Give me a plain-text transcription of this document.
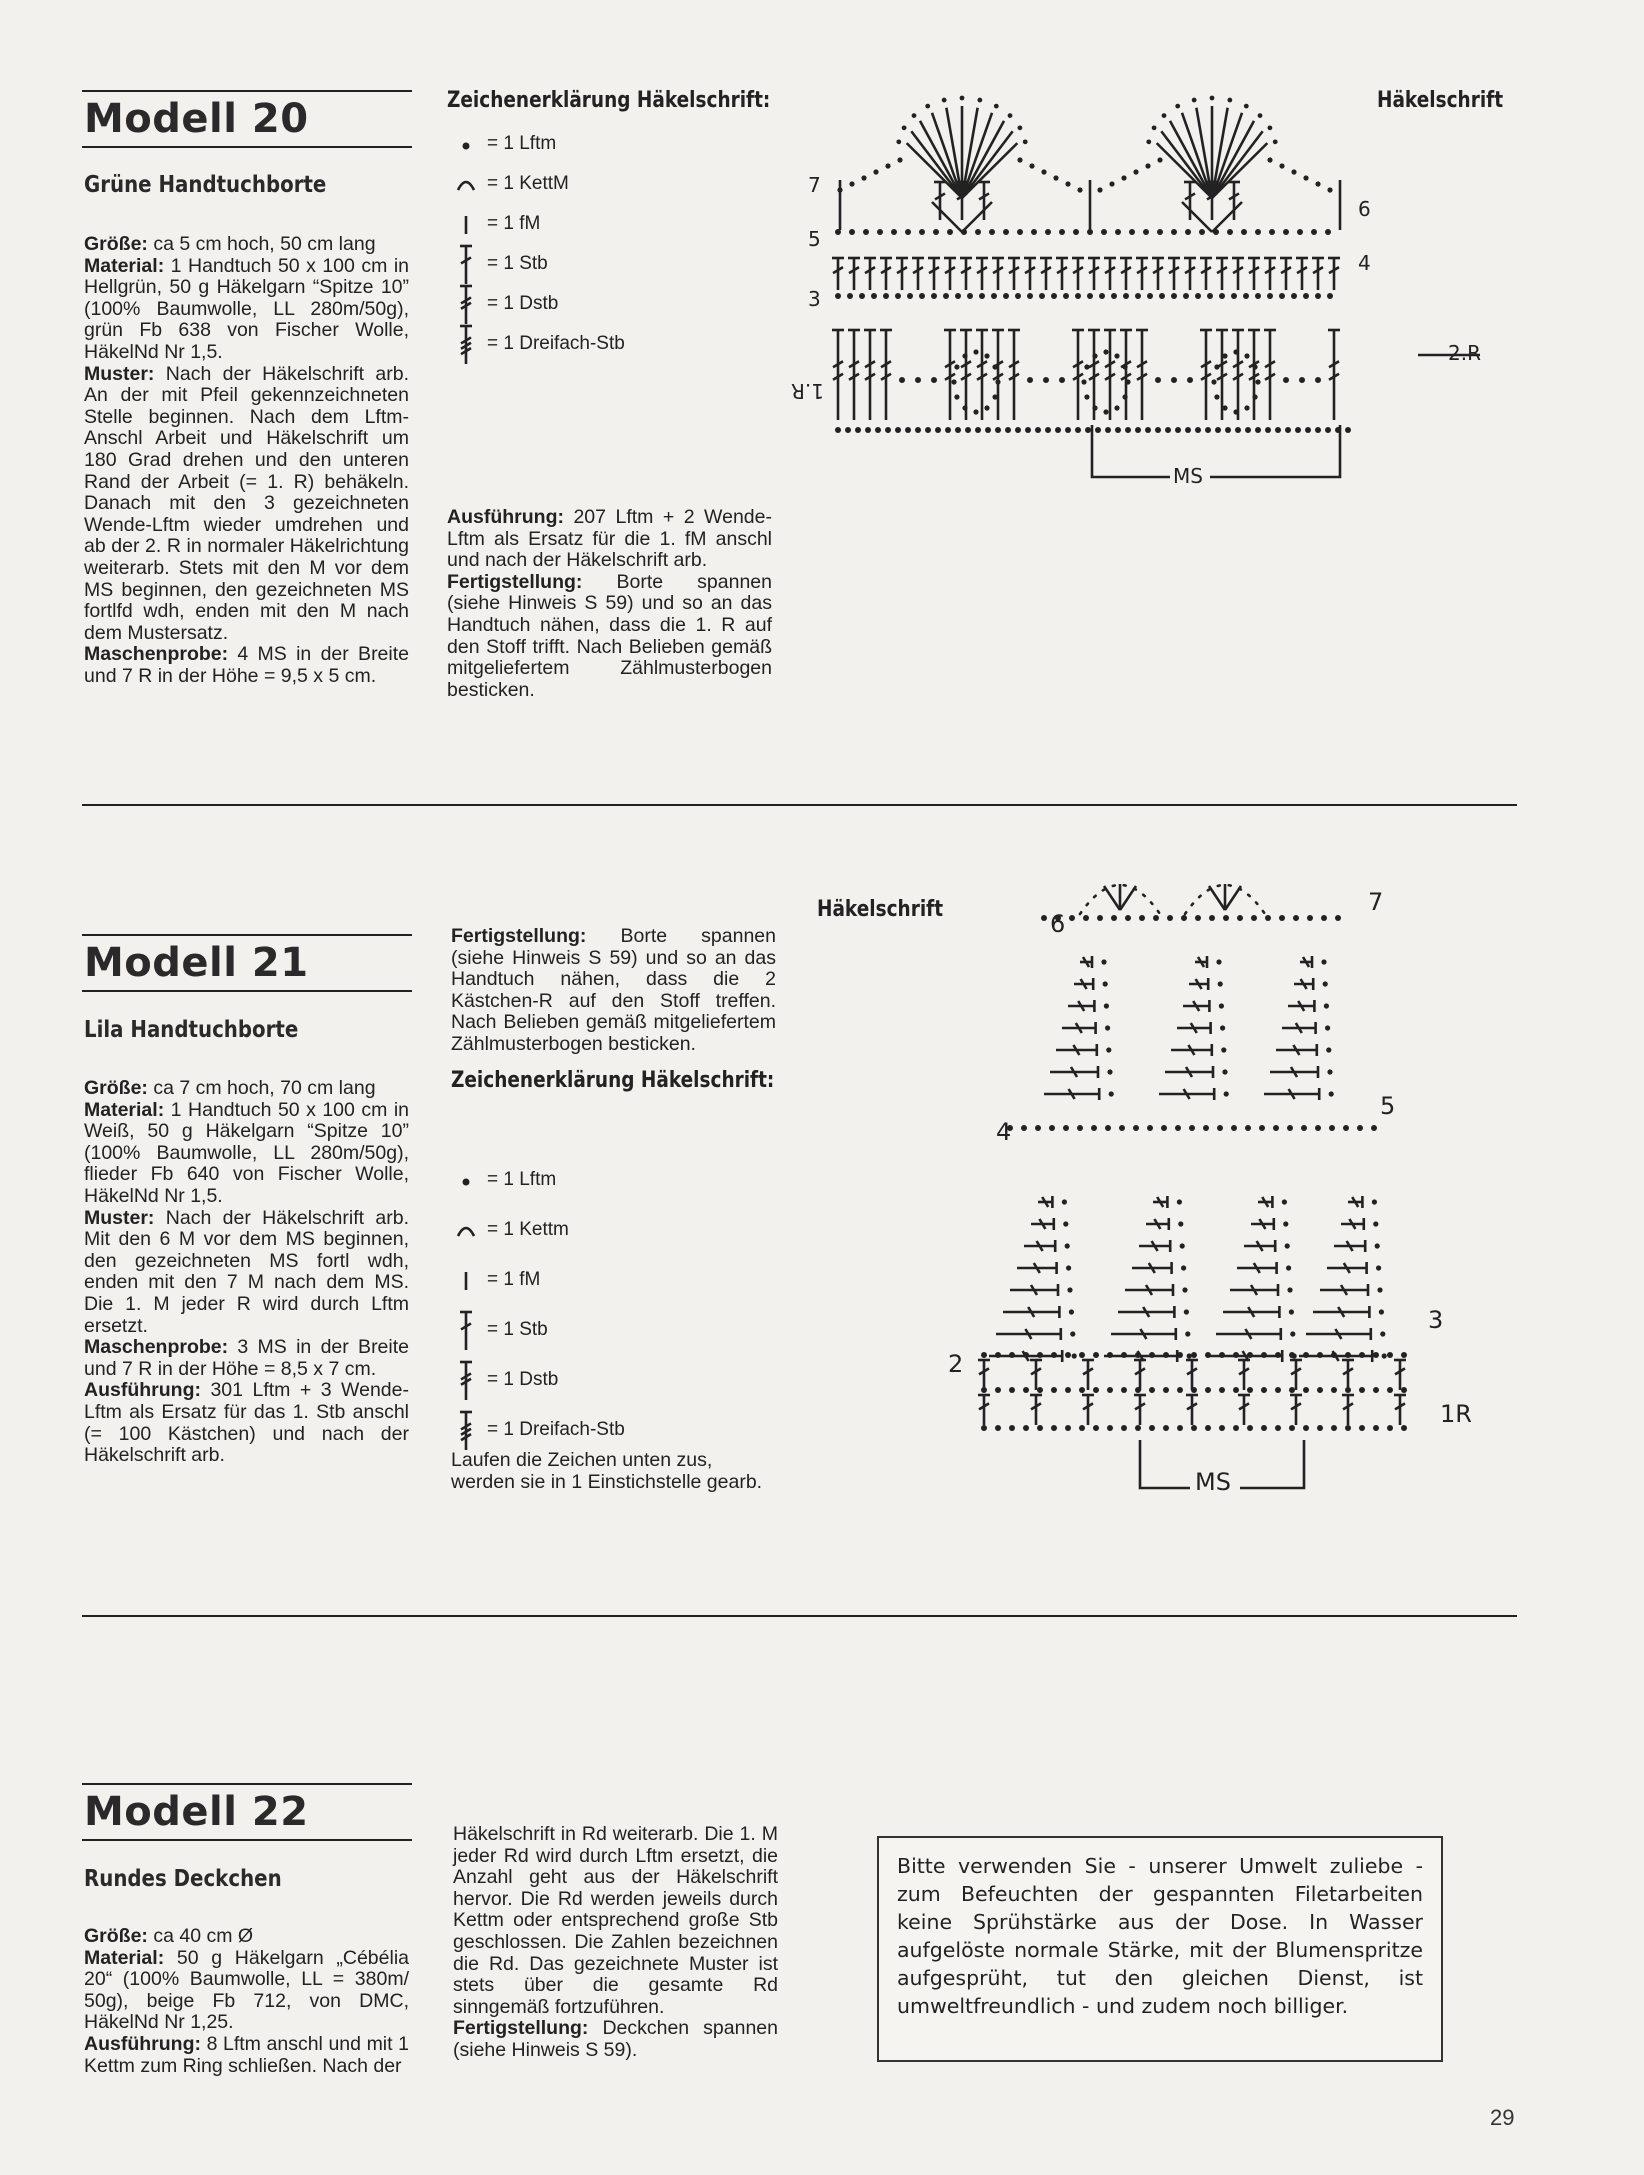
Modell 20
Grüne Handtuchborte

Größe: ca 5 cm hoch, 50 cm lang

Material: 1 Handtuch 50 x 100 cm in Hellgrün, 50 g Häkelgarn “Spitze 10” (100% Baumwolle, LL 280m/50g), grün Fb 638 von Fischer Wolle, HäkelNd Nr 1,5.

Muster: Nach der Häkelschrift arb. An der mit Pfeil gekennzeichneten Stelle beginnen. Nach dem Lftm-Anschl Arbeit und Häkelschrift um 180 Grad drehen und den unteren Rand der Arbeit (= 1. R) behäkeln. Danach mit den 3 gezeichneten Wende-Lftm wieder umdrehen und ab der 2. R in normaler Häkelrichtung weiterarb. Stets mit den M vor dem MS beginnen, den gezeichneten MS fortlfd wdh, enden mit den M nach dem Mustersatz.

Maschenprobe: 4 MS in der Breite und 7 R in der Höhe = 9,5 x 5 cm.

Zeichenerklärung Häkelschrift:
= 1 Lftm
= 1 KettM
= 1 fM
= 1 Stb
= 1 Dstb
= 1 Dreifach-Stb

Ausführung: 207 Lftm + 2 Wende-Lftm als Ersatz für die 1. fM anschl und nach der Häkelschrift arb.

Fertigstellung: Borte spannen (siehe Hinweis S 59) und so an das Handtuch nähen, dass die 1. R auf den Stoff trifft. Nach Belieben gemäß mitgeliefertem Zählmusterbogen besticken.

Häkelschrift
7
5
3
6
4
2.R
1.R
MS
Häkelschrift
Modell 21
Lila Handtuchborte

Größe: ca 7 cm hoch, 70 cm lang

Material: 1 Handtuch 50 x 100 cm in Weiß, 50 g Häkelgarn “Spitze 10” (100% Baumwolle, LL 280m/50g), flieder Fb 640 von Fischer Wolle, HäkelNd Nr 1,5.

Muster: Nach der Häkelschrift arb. Mit den 6 M vor dem MS beginnen, den gezeichneten MS fortl wdh, enden mit den 7 M nach dem MS. Die 1. M jeder R wird durch Lftm ersetzt.

Maschenprobe: 3 MS in der Breite und 7 R in der Höhe = 8,5 x 7 cm.

Ausführung: 301 Lftm + 3 Wende-Lftm als Ersatz für das 1. Stb anschl (= 100 Kästchen) und nach der Häkelschrift arb.

Fertigstellung: Borte spannen (siehe Hinweis S 59) und so an das Handtuch nähen, dass die 2 Kästchen-R auf den Stoff treffen. Nach Belieben gemäß mitgeliefertem Zählmusterbogen besticken.

Zeichenerklärung Häkelschrift:
= 1 Lftm
= 1 Kettm
= 1 fM
= 1 Stb
= 1 Dstb
= 1 Dreifach-Stb
Laufen die Zeichen unten zus, werden sie in 1 Einstichstelle gearb.
7
6
5
4
3
2
1R
MS
Modell 22
Rundes Deckchen

Größe: ca 40 cm Ø

Material: 50 g Häkelgarn „Cébélia 20“ (100% Baumwolle, LL = 380m/ 50g), beige Fb 712, von DMC, HäkelNd Nr 1,25.

Ausführung: 8 Lftm anschl und mit 1 Kettm zum Ring schließen. Nach der

Häkelschrift in Rd weiterarb. Die 1. M jeder Rd wird durch Lftm ersetzt, die Anzahl geht aus der Häkelschrift hervor. Die Rd werden jeweils durch Kettm oder entsprechend große Stb geschlossen. Die Zahlen bezeichnen die Rd. Das gezeichnete Muster ist stets über die gesamte Rd sinngemäß fortzuführen.

Fertigstellung: Deckchen spannen (siehe Hinweis S 59).

Bitte verwenden Sie - unserer Umwelt zuliebe - zum Befeuchten der gespannten Filetarbeiten keine Sprühstärke aus der Dose. In Wasser aufgelöste normale Stärke, mit der Blumenspritze aufgesprüht, tut den gleichen Dienst, ist umweltfreundlich - und zudem noch billiger.
29
